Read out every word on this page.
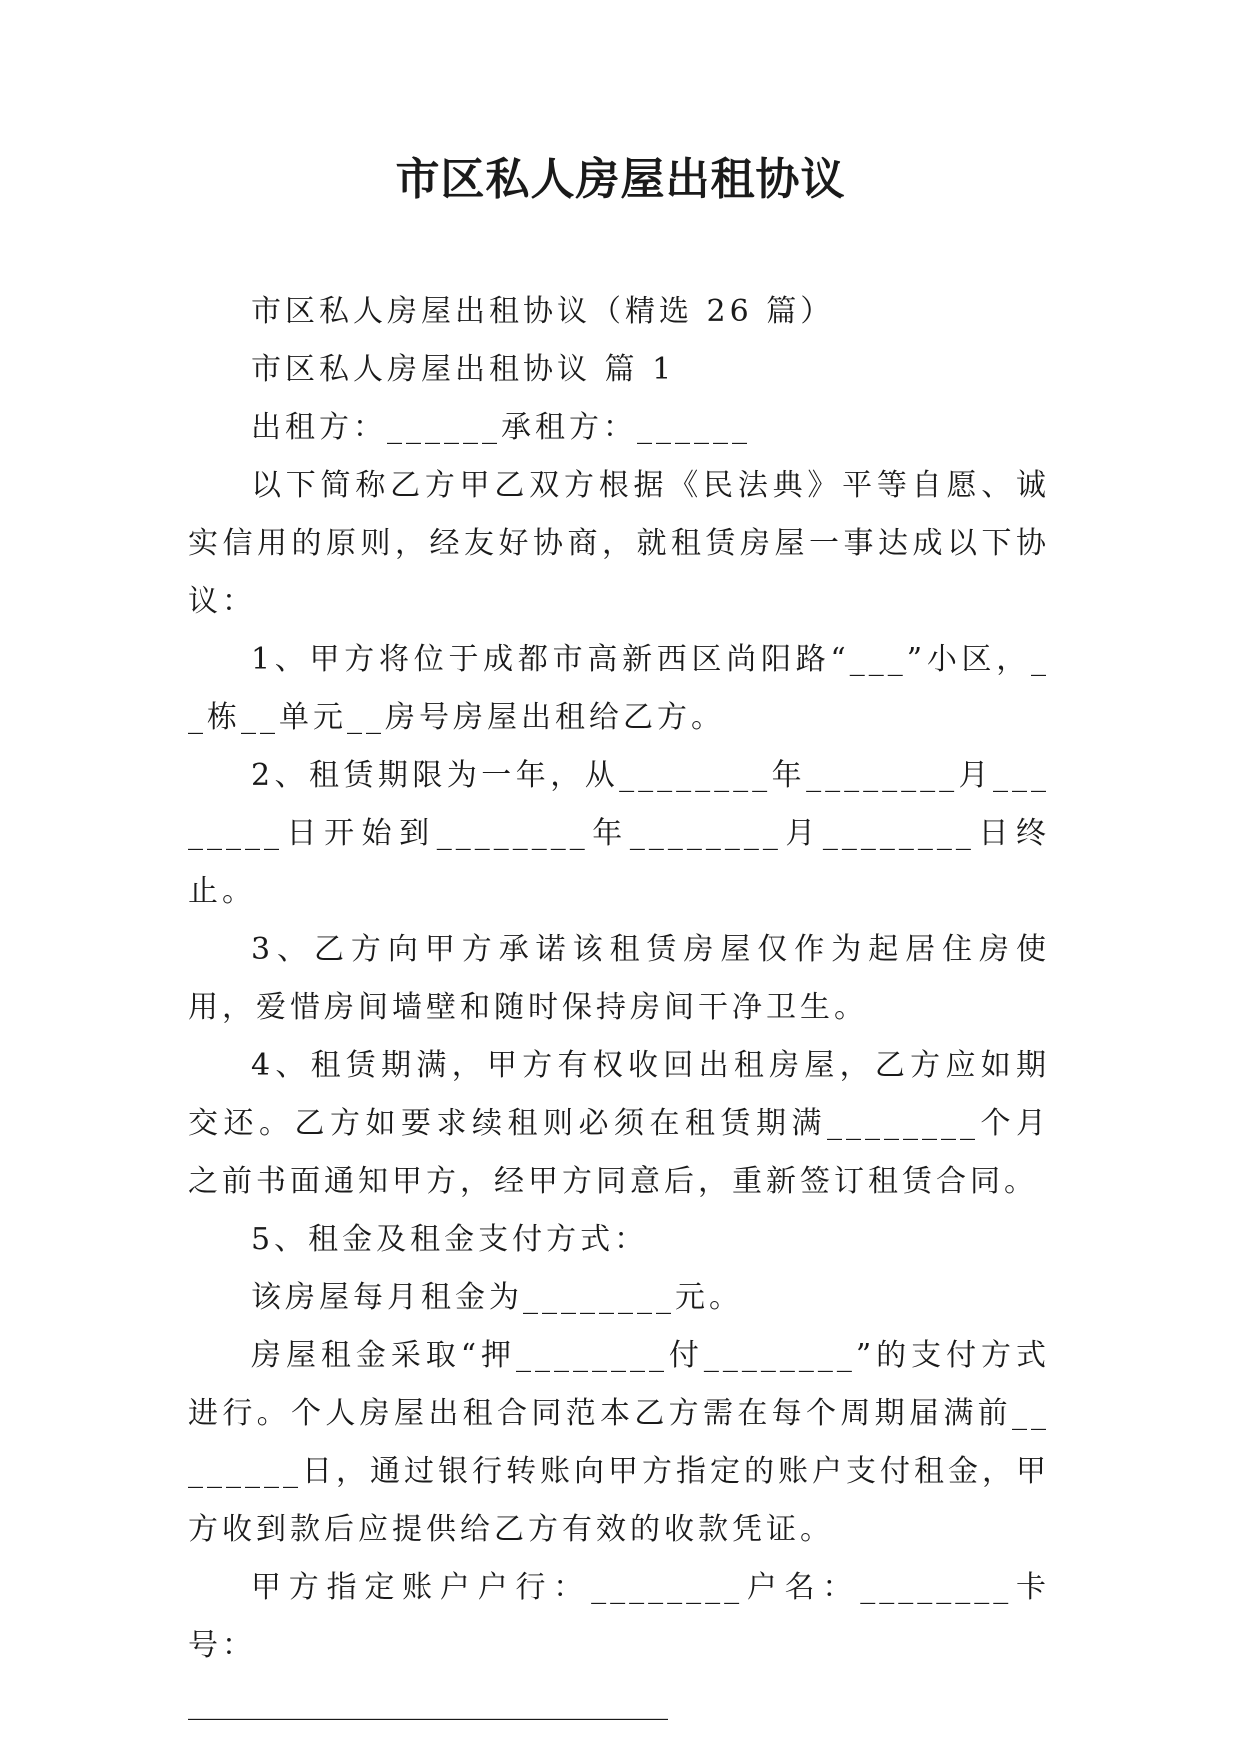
市区私人房屋出租协议

市区私人房屋出租协议（精选 26 篇）

市区私人房屋出租协议 篇 1

出租方：______承租方：______

以下简称乙方甲乙双方根据《民法典》平等自愿、诚实信用的原则，经友好协商，就租赁房屋一事达成以下协议：

1、甲方将位于成都市高新西区尚阳路“___”小区，__栋__单元__房号房屋出租给乙方。

2、租赁期限为一年，从________年________月________日开始到________年________月________日终止。

3、乙方向甲方承诺该租赁房屋仅作为起居住房使用，爱惜房间墙壁和随时保持房间干净卫生。

4、租赁期满，甲方有权收回出租房屋，乙方应如期交还。乙方如要求续租则必须在租赁期满________个月之前书面通知甲方，经甲方同意后，重新签订租赁合同。

5、租金及租金支付方式：

该房屋每月租金为________元。

房屋租金采取“押________付________”的支付方式进行。个人房屋出租合同范本乙方需在每个周期届满前________日，通过银行转账向甲方指定的账户支付租金，甲方收到款后应提供给乙方有效的收款凭证。

甲方指定账户户行：________户名：________卡号：

________________________________
